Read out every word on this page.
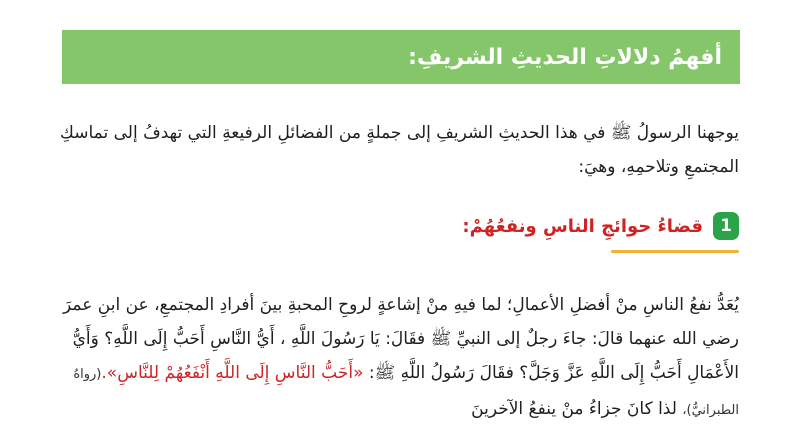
أفهمُ دلالاتِ الحديثِ الشريفِ:
يوجهنا الرسولُ ﷺ في هذا الحديثِ الشريفِ إلى جملةٍ من الفضائلِ الرفيعةِ التي تهدفُ إلى تماسكِ المجتمعِ وتلاحمِهِ، وهيَ:
1
قضاءُ حوائجِ الناسِ ونفعُهُمْ:
يُعَدُّ نفعُ الناسِ منْ أفضلِ الأعمالِ؛ لما فيهِ منْ إشاعةٍ لروحِ المحبةِ بينَ أفرادِ المجتمعِ، عن ابنِ عمرَ رضي الله عنهما قالَ: جاءَ رجلٌ إلى النبيِّ ﷺ فقَالَ: يَا رَسُولَ اللَّهِ ، أَيُّ النَّاسِ أَحَبُّ إِلَى اللَّهِ؟ وَأَيُّ الأَعْمَالِ أَحَبُّ إِلَى اللَّهِ عَزَّ وَجَلَّ؟ فقَالَ رَسُولُ اللَّهِ ﷺ: «أَحَبُّ النَّاسِ إِلَى اللَّهِ أَنْفَعُهُمْ لِلنَّاسِ».(رواهُ الطبرانيُّ)، لذا كانَ جزاءُ منْ ينفعُ الآخرينَ
